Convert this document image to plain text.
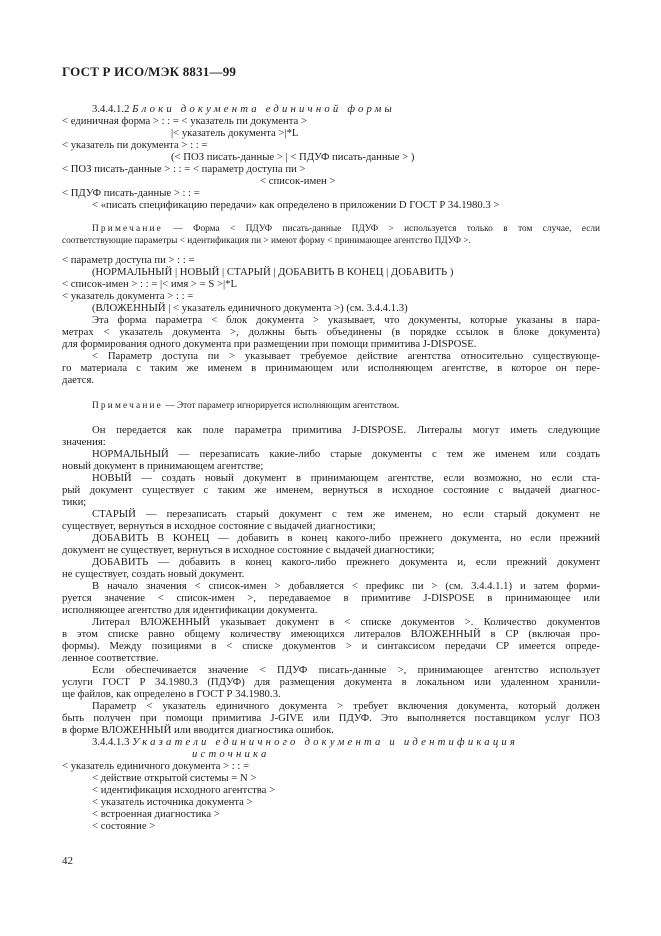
ГОСТ Р ИСО/МЭК 8831—99
3.4.4.1.2 Блоки документа единичной формы
< единичная форма > : : = < указатель пи документа >
|< указатель документа >|*L
< указатель пи документа > : : =
(< ПОЗ писать-данные > | < ПДУФ писать-данные > )
< ПОЗ писать-данные > : : = < параметр доступа пи >
< список-имен >
< ПДУФ писать-данные > : : =
< «писать спецификацию передачи» как определено в приложении D ГОСТ Р 34.1980.3 >
Примечание — Форма < ПДУФ писать-данные ПДУФ > используется только в том случае, если
соответствующие параметры < идентификация пи > имеют форму < принимающее агентство ПДУФ >.
< параметр доступа пи > : : =
(НОРМАЛЬНЫЙ | НОВЫЙ | СТАРЫЙ | ДОБАВИТЬ В КОНЕЦ | ДОБАВИТЬ )
< список-имен > : : = |< имя > = S >|*L
< указатель документа > : : =
(ВЛОЖЕННЫЙ | < указатель единичного документа >) (см. 3.4.4.1.3)
Эта форма параметра < блок документа > указывает, что документы, которые указаны в пара-
метрах < указатель документа >, должны быть объединены (в порядке ссылок в блоке документа)
для формирования одного документа при размещении при помощи примитива J-DISPOSE.
< Параметр доступа пи > указывает требуемое действие агентства относительно существующе-
го материала с таким же именем в принимающем или исполняющем агентстве, в которое он пере-
дается.
Примечание — Этот параметр игнорируется исполняющим агентством.
Он передается как поле параметра примитива J-DISPOSE. Литералы могут иметь следующие
значения:
НОРМАЛЬНЫЙ — перезаписать какие-либо старые документы с тем же именем или создать
новый документ в принимающем агентстве;
НОВЫЙ — создать новый документ в принимающем агентстве, если возможно, но если ста-
рый документ существует с таким же именем, вернуться в исходное состояние с выдачей диагнос-
тики;
СТАРЫЙ — перезаписать старый документ с тем же именем, но если старый документ не
существует, вернуться в исходное состояние с выдачей диагностики;
ДОБАВИТЬ В КОНЕЦ — добавить в конец какого-либо прежнего документа, но если прежний
документ не существует, вернуться в исходное состояние с выдачей диагностики;
ДОБАВИТЬ — добавить в конец какого-либо прежнего документа и, если прежний документ
не существует, создать новый документ.
В начало значения < список-имен > добавляется < префикс пи > (см. 3.4.4.1.1) и затем форми-
руется значение < список-имен >, передаваемое в примитиве J-DISPOSE в принимающее или
исполняющее агентство для идентификации документа.
Литерал ВЛОЖЕННЫЙ указывает документ в < списке документов >. Количество документов
в этом списке равно общему количеству имеющихся литералов ВЛОЖЕННЫЙ в СР (включая про-
формы). Между позициями в < списке документов > и синтаксисом передачи СР имеется опреде-
ленное соответствие.
Если обеспечивается значение < ПДУФ писать-данные >, принимающее агентство использует
услуги ГОСТ Р 34.1980.3 (ПДУФ) для размещения документа в локальном или удаленном хранили-
ще файлов, как определено в ГОСТ Р 34.1980.3.
Параметр < указатель единичного документа > требует включения документа, который должен
быть получен при помощи примитива J-GIVE или ПДУФ. Это выполняется поставщиком услуг ПОЗ
в форме ВЛОЖЕННЫЙ или вводится диагностика ошибок.
3.4.4.1.3 Указатели единичного документа и идентификация
источника
< указатель единичного документа > : : =
< действие открытой системы = N >
< идентификация исходного агентства >
< указатель источника документа >
< встроенная диагностика >
< состояние >
42
